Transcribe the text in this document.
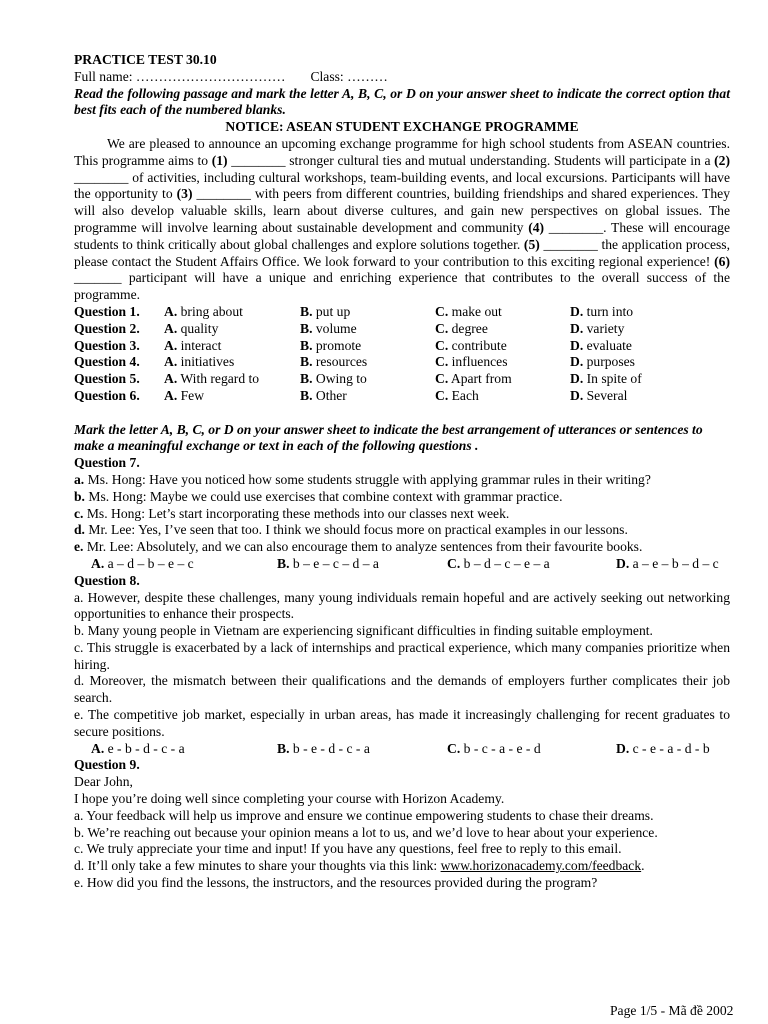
PRACTICE TEST 30.10
Full name: …………………………… Class: ………
Read the following passage and mark the letter A, B, C, or D on your answer sheet to indicate the correct option that best fits each of the numbered blanks.
NOTICE: ASEAN STUDENT EXCHANGE PROGRAMME
We are pleased to announce an upcoming exchange programme for high school students from ASEAN countries. This programme aims to (1) ________ stronger cultural ties and mutual understanding. Students will participate in a (2) ________ of activities, including cultural workshops, team-building events, and local excursions. Participants will have the opportunity to (3) ________ with peers from different countries, building friendships and shared experiences. They will also develop valuable skills, learn about diverse cultures, and gain new perspectives on global issues. The programme will involve learning about sustainable development and community (4) ________. These will encourage students to think critically about global challenges and explore solutions together. (5) ________ the application process, please contact the Student Affairs Office. We look forward to your contribution to this exciting regional experience! (6) _______ participant will have a unique and enriching experience that contributes to the overall success of the programme.
Question 1.	A. bring about	B. put up	C. make out	D. turn into
Question 2.	A. quality	B. volume	C. degree	D. variety
Question 3.	A. interact	B. promote	C. contribute	D. evaluate
Question 4.	A. initiatives	B. resources	C. influences	D. purposes
Question 5.	A. With regard to	B. Owing to	C. Apart from	D. In spite of
Question 6.	A. Few	B. Other	C. Each	D. Several
Mark the letter A, B, C, or D on your answer sheet to indicate the best arrangement of utterances or sentences to make a meaningful exchange or text in each of the following questions .
Question 7.
a. Ms. Hong: Have you noticed how some students struggle with applying grammar rules in their writing?
b. Ms. Hong: Maybe we could use exercises that combine context with grammar practice.
c. Ms. Hong: Let’s start incorporating these methods into our classes next week.
d. Mr. Lee: Yes, I’ve seen that too. I think we should focus more on practical examples in our lessons.
e. Mr. Lee: Absolutely, and we can also encourage them to analyze sentences from their favourite books.
A. a – d – b – e – c	B. b – e – c – d – a	C. b – d – c – e – a	D. a – e – b – d – c
Question 8.
a. However, despite these challenges, many young individuals remain hopeful and are actively seeking out networking opportunities to enhance their prospects.
b. Many young people in Vietnam are experiencing significant difficulties in finding suitable employment.
c. This struggle is exacerbated by a lack of internships and practical experience, which many companies prioritize when hiring.
d. Moreover, the mismatch between their qualifications and the demands of employers further complicates their job search.
e. The competitive job market, especially in urban areas, has made it increasingly challenging for recent graduates to secure positions.
A. e - b - d - c - a	B. b - e - d - c - a	C. b - c - a - e - d	D. c - e - a - d - b
Question 9.
Dear John,
I hope you’re doing well since completing your course with Horizon Academy.
a. Your feedback will help us improve and ensure we continue empowering students to chase their dreams.
b. We’re reaching out because your opinion means a lot to us, and we’d love to hear about your experience.
c. We truly appreciate your time and input! If you have any questions, feel free to reply to this email.
d. It’ll only take a few minutes to share your thoughts via this link: www.horizonacademy.com/feedback.
e. How did you find the lessons, the instructors, and the resources provided during the program?
Page 1/5 - Mã đề 2002
